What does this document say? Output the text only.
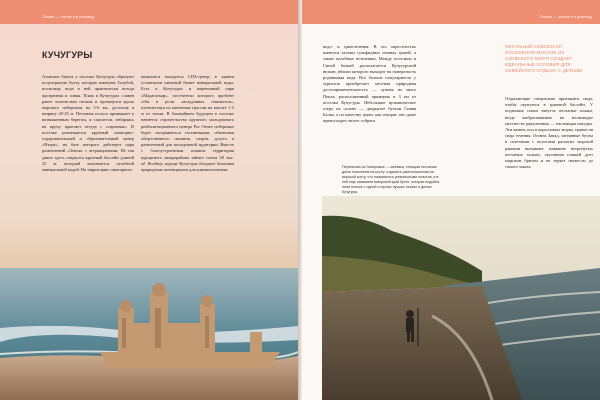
Пляжи — оптом и в розницу
КУЧУГУРЫ
Азовские берега у поселка Кучугуры образуют полуотрытую бухту, которую именуют Голубой, поскольку вода в ней практически всегда прозрачная и синяя. Пляж в Кучугурах славен ранее золотистым песком и протянулся вдоль морского побережья на 5-6 км, достигая в ширину 20-25 м. Песчаная полоса примыкает к возвышенным берегам, и спасатели, взбираясь на кручу, прыгают оттуда с «тарзанки». В поселке размещается крупный санаторно-оздоровительный и образовательный центр «Нэлра», на базе которого действует парк развлечений «Земля» с аттракционами. Не так давно здесь открылся крупный бассейн длиной 25 м, который заполняется целебной минеральной водой. На территории санаторного
комплекса находится СПА-центр, в здании установлен пятьевой бювет минеральной воды. Есть в Кучугурах и переночный парк «Мадагаскар», посетители которого пробуют себя в роли «воздушных гимнастов», путешествуя по канатным трассам на высоте 1-3 м от земли. В ближайшем будущем в поселке начнется строительство крупного молодежного реабилитационного центра Рос Отнее побережье будет застраиваться гостиницами, объектами общественного питания, спорта, досуга и развлечений для молодежной аудитории. Вместе с благоустроенным пляжем территория курортного микрорайона займет почти 58 тыс. м². Вообще, курорт Кучугуры обладает большим природным потенциалом для климатолечения,
Пляжи — оптом и в розницу
водо- и грязелечения. В его окрестностях имеются залежи сульфидных иловых грязей, а также целебные источники. Между поселком и Синей балкой располагается Кучугурский вулкан, вблизи которого выходит на поверхность родниковая вода. Все больше популярность у туристов приобретает местная природная достопримечательность — лучная на мысе Пекла, расположенный примерно в 3 км от поселка Кучугуры. Небольшие вулканическое озеро на склоне — двадцатое бухтам Синяя Балка, а по качеству грязи, как говорят, оно даже превосходит своего собрата.
Пересыпка на Запорожье — калавка, стоящая песчаная дюна поселения на косту: отдыхать расположенная на морской косту, что называлось уникальными пластов, а в ней еще называли выпуклый край бухте, которая подобна этим полосе с одной стороны лучших песках и дюнах Кучугуры.
ПЕСЧАНЫЙ СОВСЕМ ИЛ ПОСЕЛЕНИЯ МНОГИЕ ИЗ АЗОВСКОГО МОРЯ СОЗДАЕТ ИДЕАЛЬНЫЕ УСЛОВИЯ ДЛЯ СЕМЕЙНОГО ОТДЫХА С ДЕТЬМИ
Отдыхающие специально приезжают сюда, чтобы окунуться в грязевой бассейн. У подножия сопки тянутся песчаные пляжи, везде выбрасываемые на мелководье местности ракушечник — настоящая находка. Эти камни, пол в коралловых морях, принесли сюда течения. Огонек Запад, затеянные бухты в сочетании с полосами разлогих морской раковин вызывают плавание нетронутых песчаных холмах, окутанная пляжей дует морским бризом и не теряет свежести до самого заката.
